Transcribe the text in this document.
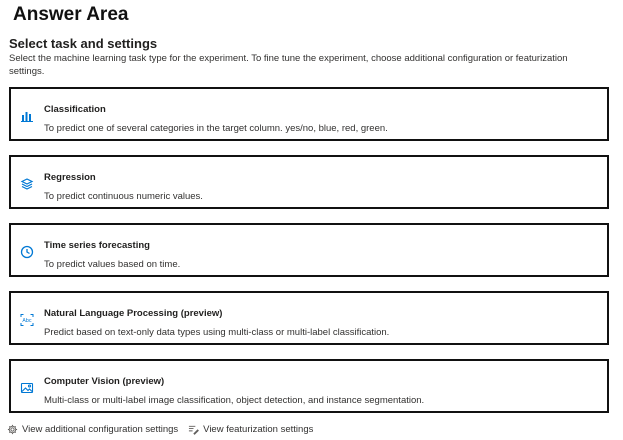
Answer Area
Select task and settings
Select the machine learning task type for the experiment. To fine tune the experiment, choose additional configuration or featurization settings.
Classification
To predict one of several categories in the target column. yes/no, blue, red, green.
Regression
To predict continuous numeric values.
Time series forecasting
To predict values based on time.
Abc
Natural Language Processing (preview)
Predict based on text-only data types using multi-class or multi-label classification.
Computer Vision (preview)
Multi-class or multi-label image classification, object detection, and instance segmentation.
View additional configuration settings	View featurization settings
